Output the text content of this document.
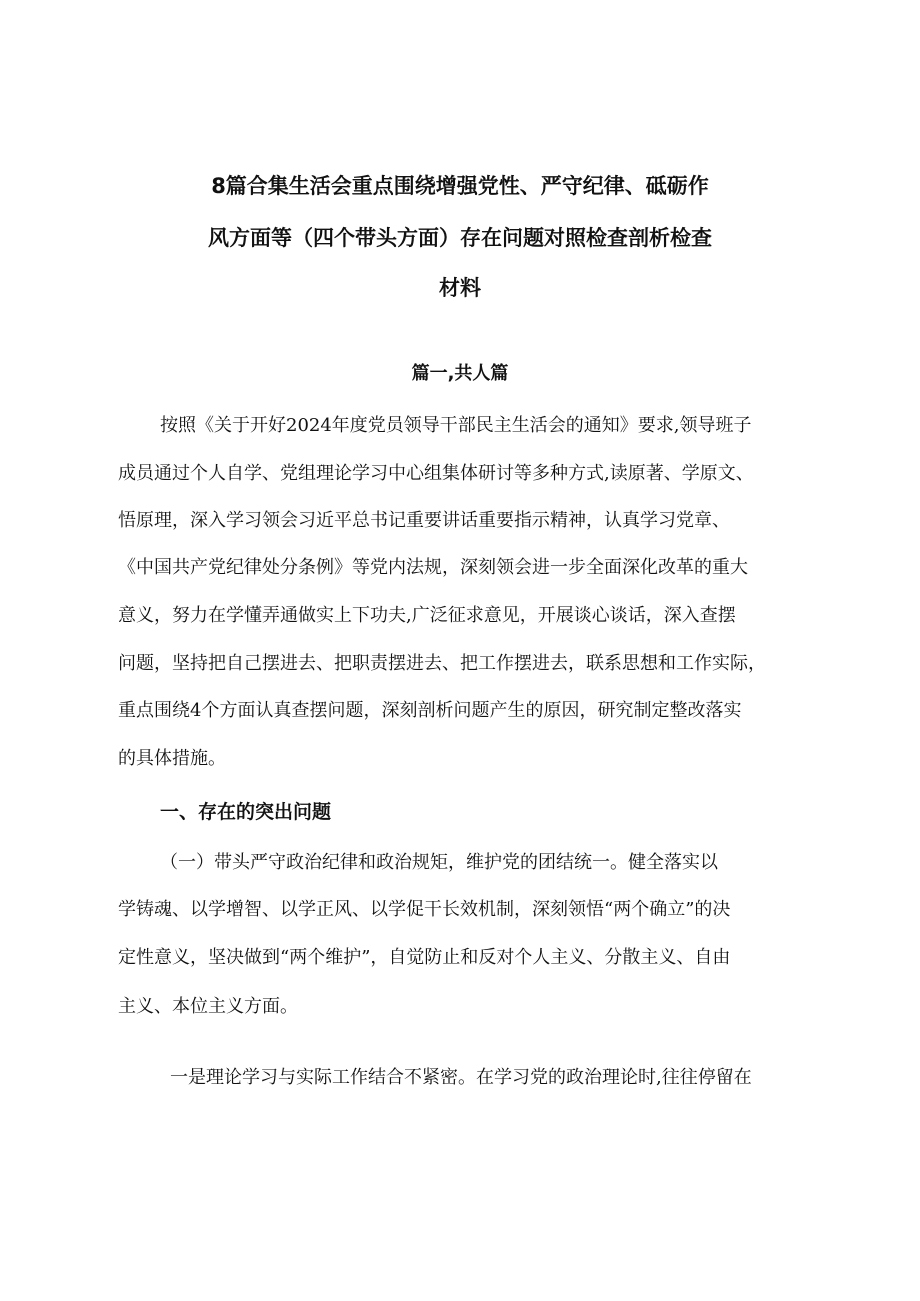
8篇合集生活会重点围绕增强党性、严守纪律、砥砺作
风方面等（四个带头方面）存在问题对照检查剖析检查
材料
篇一,共人篇
按照《关于开好2024年度党员领导干部民主生活会的通知》要求,领导班子
成员通过个人自学、党组理论学习中心组集体研讨等多种方式,读原著、学原文、
悟原理，深入学习领会习近平总书记重要讲话重要指示精神，认真学习党章、
《中国共产党纪律处分条例》等党内法规，深刻领会进一步全面深化改革的重大
意义，努力在学懂弄通做实上下功夫,广泛征求意见，开展谈心谈话，深入查摆
问题，坚持把自己摆进去、把职责摆进去、把工作摆进去，联系思想和工作实际，
重点围绕4个方面认真查摆问题，深刻剖析问题产生的原因，研究制定整改落实
的具体措施。
一、存在的突出问题
（一）带头严守政治纪律和政治规矩，维护党的团结统一。健全落实以
学铸魂、以学增智、以学正风、以学促干长效机制，深刻领悟“两个确立”的决
定性意义，坚决做到“两个维护”，自觉防止和反对个人主义、分散主义、自由
主义、本位主义方面。
一是理论学习与实际工作结合不紧密。在学习党的政治理论时,往往停留在
